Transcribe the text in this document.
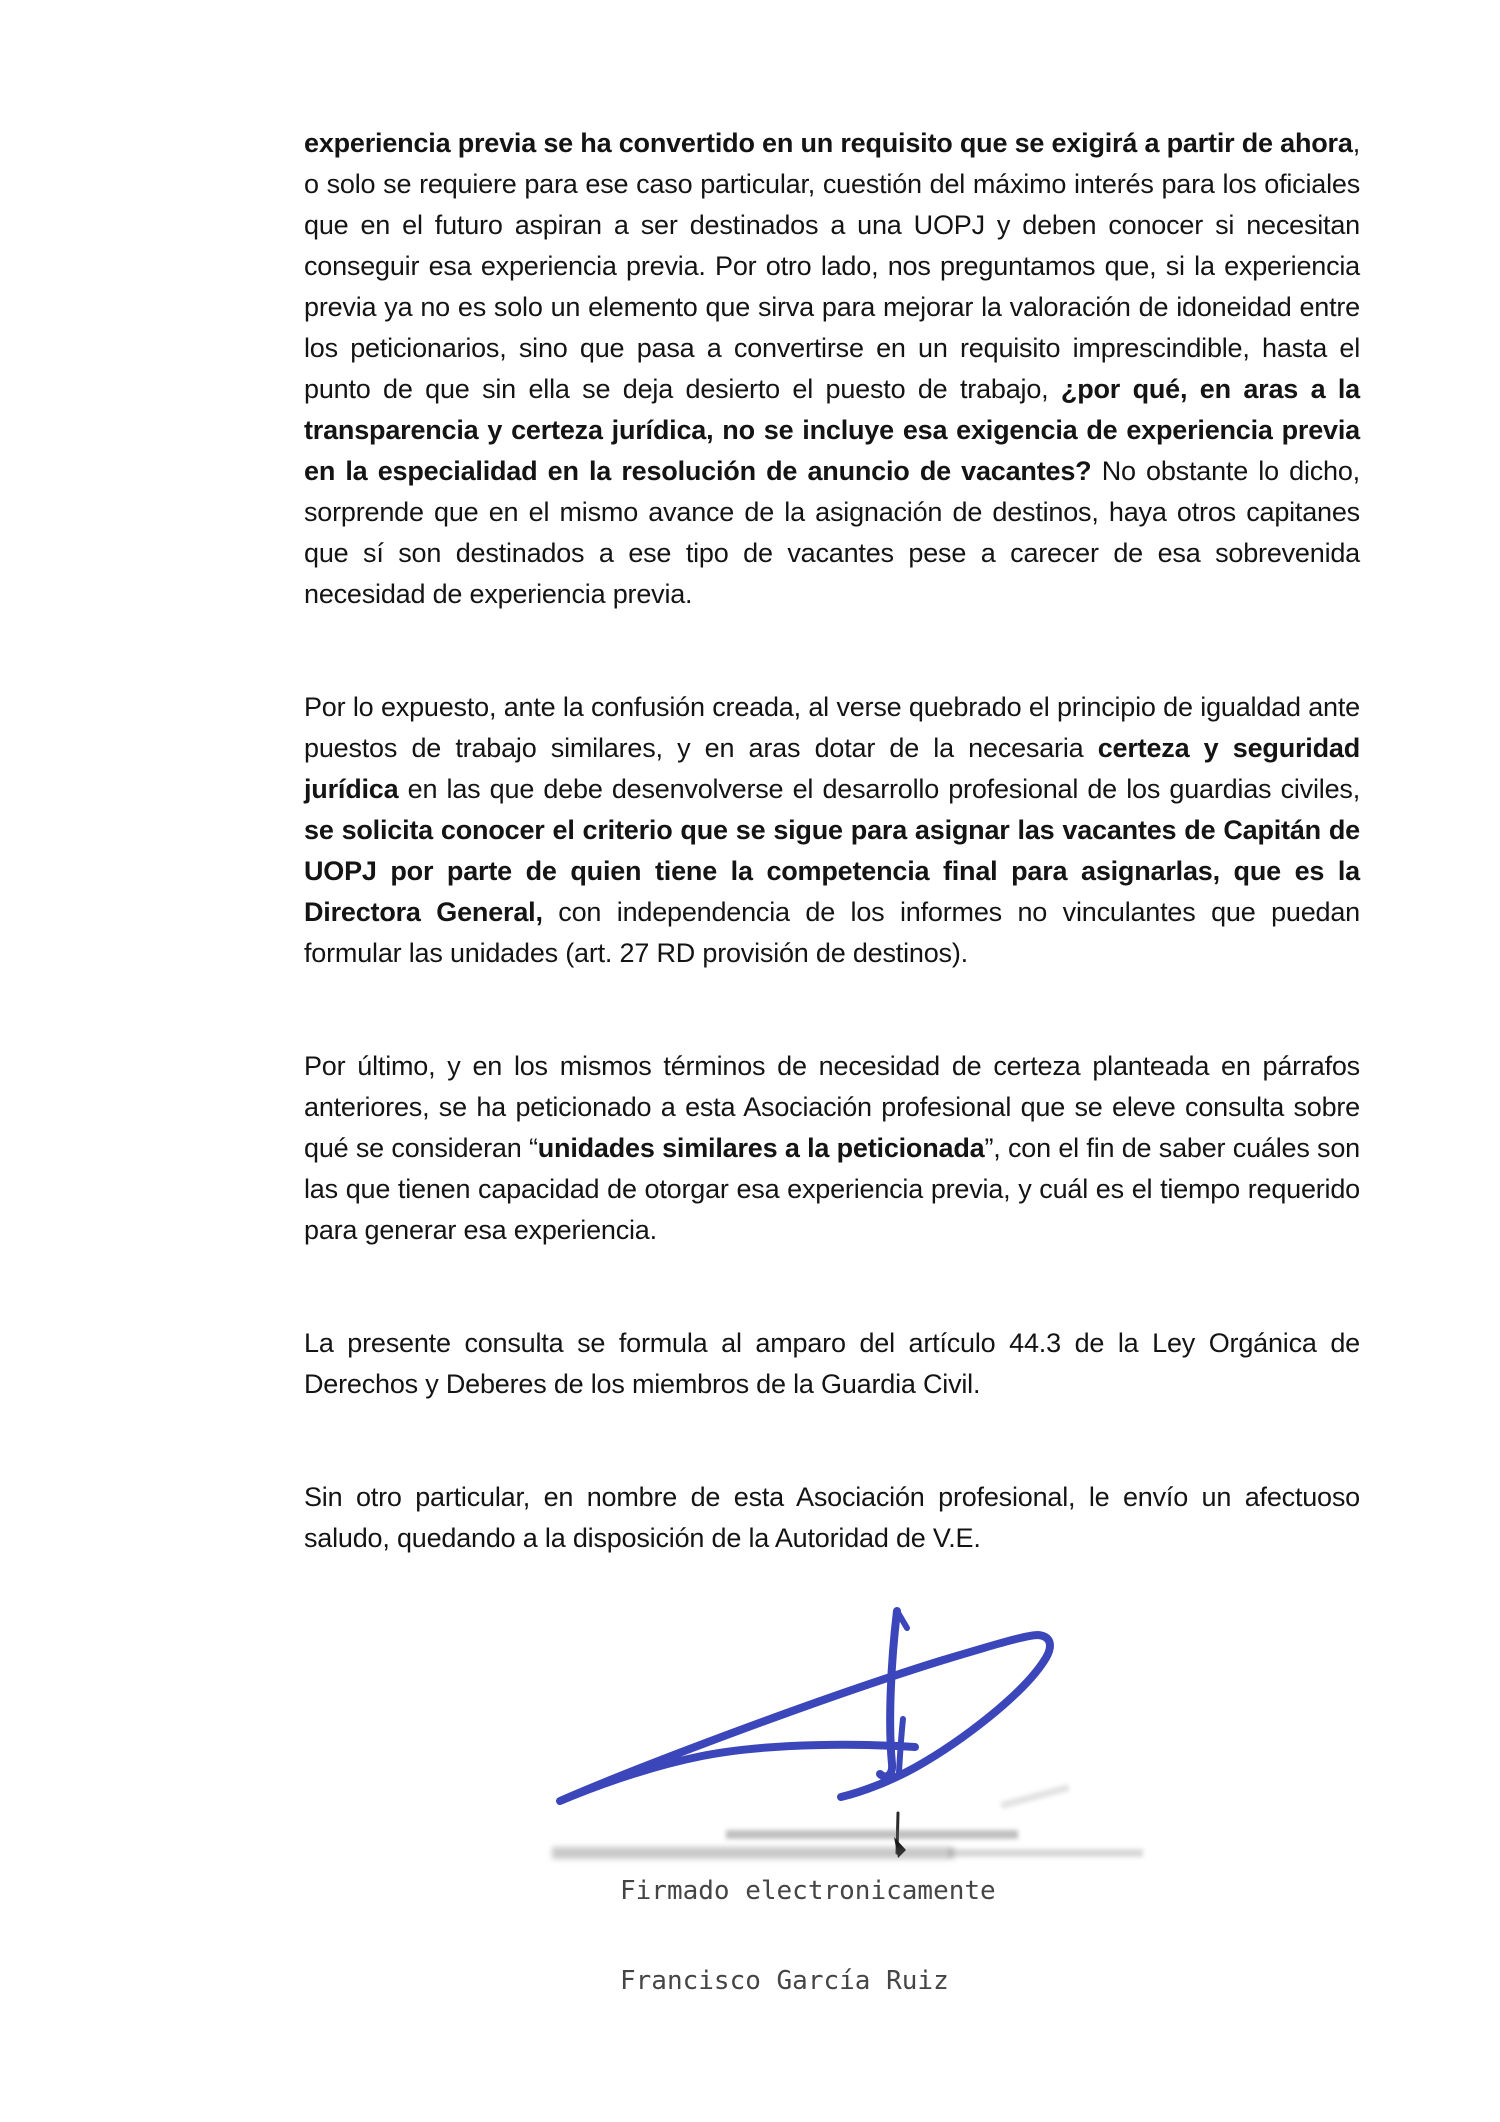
experiencia previa se ha convertido en un requisito que se exigirá a partir de ahora, o solo se requiere para ese caso particular, cuestión del máximo interés para los oficiales que en el futuro aspiran a ser destinados a una UOPJ y deben conocer si necesitan conseguir esa experiencia previa. Por otro lado, nos preguntamos que, si la experiencia previa ya no es solo un elemento que sirva para mejorar la valoración de idoneidad entre los peticionarios, sino que pasa a convertirse en un requisito imprescindible, hasta el punto de que sin ella se deja desierto el puesto de trabajo, ¿por qué, en aras a la transparencia y certeza jurídica, no se incluye esa exigencia de experiencia previa en la especialidad en la resolución de anuncio de vacantes? No obstante lo dicho, sorprende que en el mismo avance de la asignación de destinos, haya otros capitanes que sí son destinados a ese tipo de vacantes pese a carecer de esa sobrevenida necesidad de experiencia previa.

Por lo expuesto, ante la confusión creada, al verse quebrado el principio de igualdad ante puestos de trabajo similares, y en aras dotar de la necesaria certeza y seguridad jurídica en las que debe desenvolverse el desarrollo profesional de los guardias civiles, se solicita conocer el criterio que se sigue para asignar las vacantes de Capitán de UOPJ por parte de quien tiene la competencia final para asignarlas, que es la Directora General, con independencia de los informes no vinculantes que puedan formular las unidades (art. 27 RD provisión de destinos).

Por último, y en los mismos términos de necesidad de certeza planteada en párrafos anteriores, se ha peticionado a esta Asociación profesional que se eleve consulta sobre qué se consideran “unidades similares a la peticionada”, con el fin de saber cuáles son las que tienen capacidad de otorgar esa experiencia previa, y cuál es el tiempo requerido para generar esa experiencia.

La presente consulta se formula al amparo del artículo 44.3 de la Ley Orgánica de Derechos y Deberes de los miembros de la Guardia Civil.

Sin otro particular, en nombre de esta Asociación profesional, le envío un afectuoso saludo, quedando a la disposición de la Autoridad de V.E.

Firmado electronicamente

Francisco García Ruiz
